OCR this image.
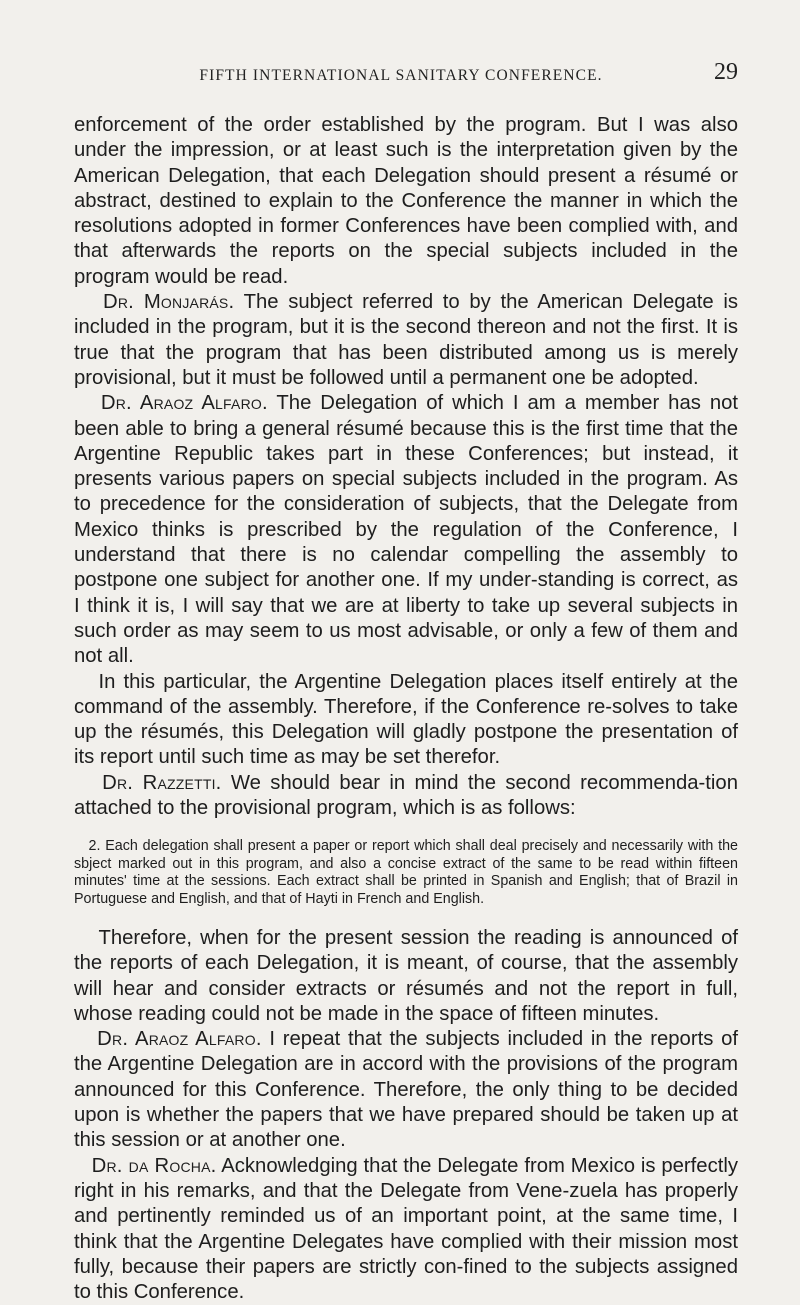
FIFTH INTERNATIONAL SANITARY CONFERENCE.	29

enforcement of the order established by the program. But I was also under the impression, or at least such is the interpretation given by the American Delegation, that each Delegation should present a résumé or abstract, destined to explain to the Conference the manner in which the resolutions adopted in former Conferences have been complied with, and that afterwards the reports on the special subjects included in the program would be read.

Dr. Monjarás. The subject referred to by the American Delegate is included in the program, but it is the second thereon and not the first. It is true that the program that has been distributed among us is merely provisional, but it must be followed until a permanent one be adopted.

Dr. Araoz Alfaro. The Delegation of which I am a member has not been able to bring a general résumé because this is the first time that the Argentine Republic takes part in these Conferences; but instead, it presents various papers on special subjects included in the program. As to precedence for the consideration of subjects, that the Delegate from Mexico thinks is prescribed by the regulation of the Conference, I understand that there is no calendar compelling the assembly to postpone one subject for another one. If my under-standing is correct, as I think it is, I will say that we are at liberty to take up several subjects in such order as may seem to us most advisable, or only a few of them and not all.

In this particular, the Argentine Delegation places itself entirely at the command of the assembly. Therefore, if the Conference re-solves to take up the résumés, this Delegation will gladly postpone the presentation of its report until such time as may be set therefor.

Dr. Razzetti. We should bear in mind the second recommenda-tion attached to the provisional program, which is as follows:

2. Each delegation shall present a paper or report which shall deal precisely and necessarily with the sbject marked out in this program, and also a concise extract of the same to be read within fifteen minutes' time at the sessions. Each extract shall be printed in Spanish and English; that of Brazil in Portuguese and English, and that of Hayti in French and English.

Therefore, when for the present session the reading is announced of the reports of each Delegation, it is meant, of course, that the assembly will hear and consider extracts or résumés and not the report in full, whose reading could not be made in the space of fifteen minutes.

Dr. Araoz Alfaro. I repeat that the subjects included in the reports of the Argentine Delegation are in accord with the provisions of the program announced for this Conference. Therefore, the only thing to be decided upon is whether the papers that we have prepared should be taken up at this session or at another one.

Dr. da Rocha. Acknowledging that the Delegate from Mexico is perfectly right in his remarks, and that the Delegate from Vene-zuela has properly and pertinently reminded us of an important point, at the same time, I think that the Argentine Delegates have complied with their mission most fully, because their papers are strictly con-fined to the subjects assigned to this Conference.
